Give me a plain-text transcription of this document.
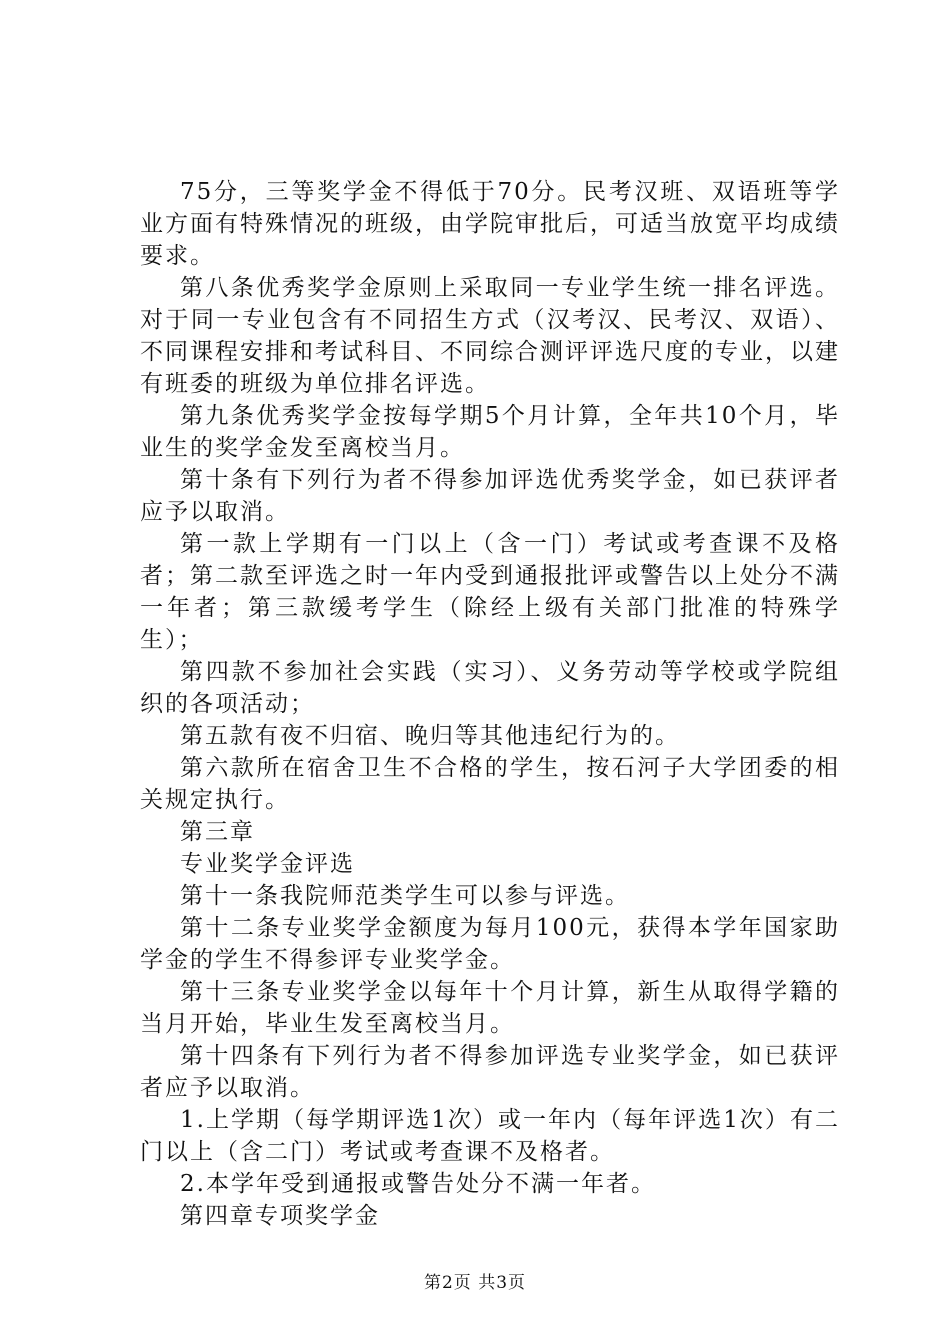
75分，三等奖学金不得低于70分。民考汉班、双语班等学业方面有特殊情况的班级，由学院审批后，可适当放宽平均成绩要求。

第八条优秀奖学金原则上采取同一专业学生统一排名评选。对于同一专业包含有不同招生方式（汉考汉、民考汉、双语）、不同课程安排和考试科目、不同综合测评评选尺度的专业，以建有班委的班级为单位排名评选。

第九条优秀奖学金按每学期5个月计算，全年共10个月，毕业生的奖学金发至离校当月。

第十条有下列行为者不得参加评选优秀奖学金，如已获评者应予以取消。

第一款上学期有一门以上（含一门）考试或考查课不及格者；第二款至评选之时一年内受到通报批评或警告以上处分不满一年者；第三款缓考学生（除经上级有关部门批准的特殊学生）；

第四款不参加社会实践（实习）、义务劳动等学校或学院组织的各项活动；

第五款有夜不归宿、晚归等其他违纪行为的。

第六款所在宿舍卫生不合格的学生，按石河子大学团委的相关规定执行。

第三章

专业奖学金评选

第十一条我院师范类学生可以参与评选。

第十二条专业奖学金额度为每月100元，获得本学年国家助学金的学生不得参评专业奖学金。

第十三条专业奖学金以每年十个月计算，新生从取得学籍的当月开始，毕业生发至离校当月。

第十四条有下列行为者不得参加评选专业奖学金，如已获评者应予以取消。

1.上学期（每学期评选1次）或一年内（每年评选1次）有二门以上（含二门）考试或考查课不及格者。

2.本学年受到通报或警告处分不满一年者。

第四章专项奖学金

第2页 共3页
